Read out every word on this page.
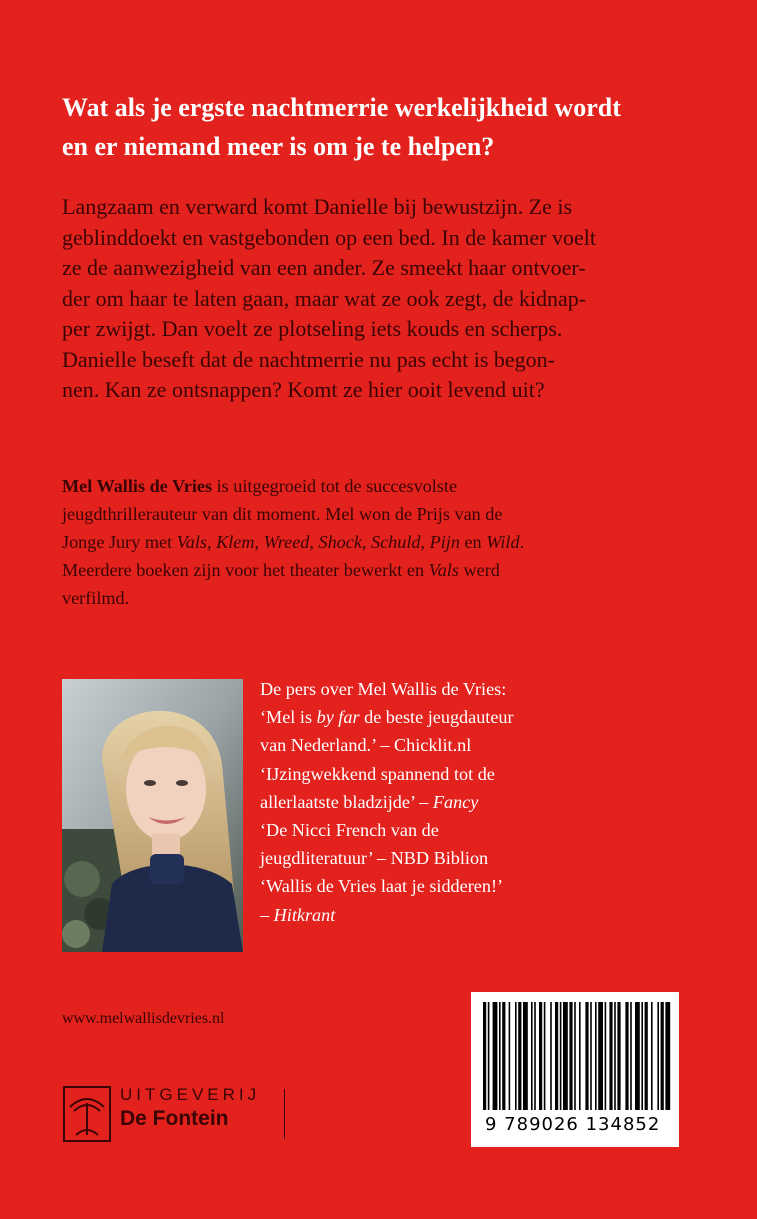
Wat als je ergste nachtmerrie werkelijkheid wordt
en er niemand meer is om je te helpen?
Langzaam en verward komt Danielle bij bewustzijn. Ze is
geblinddoekt en vastgebonden op een bed. In de kamer voelt
ze de aanwezigheid van een ander. Ze smeekt haar ontvoer-
der om haar te laten gaan, maar wat ze ook zegt, de kidnap-
per zwijgt. Dan voelt ze plotseling iets kouds en scherps.
Danielle beseft dat de nachtmerrie nu pas echt is begon-
nen. Kan ze ontsnappen? Komt ze hier ooit levend uit?
Mel Wallis de Vries is uitgegroeid tot de succesvolste
jeugdthrillerauteur van dit moment. Mel won de Prijs van de
Jonge Jury met Vals, Klem, Wreed, Shock, Schuld, Pijn en Wild.
Meerdere boeken zijn voor het theater bewerkt en Vals werd
verfilmd.
De pers over Mel Wallis de Vries:
‘Mel is by far de beste jeugdauteur
van Nederland.’ – Chicklit.nl
‘IJzingwekkend spannend tot de
allerlaatste bladzijde’ – Fancy
‘De Nicci French van de
jeugdliteratuur’ – NBD Biblion
‘Wallis de Vries laat je sidderen!’
– Hitkrant
www.melwallisdevries.nl
UITGEVERIJ
De Fontein	9 789026 134852
